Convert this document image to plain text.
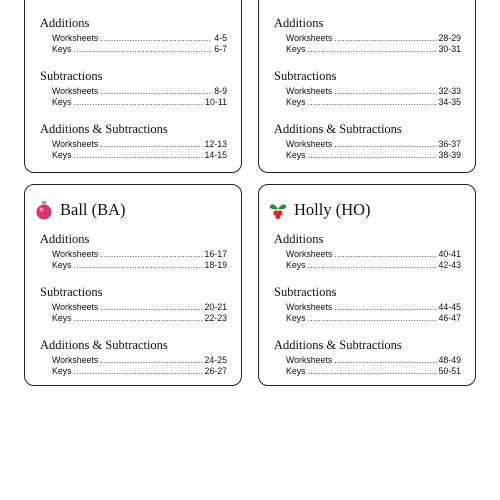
Additions
Worksheets .....	4-5
Keys .....	6-7
Subtractions
Worksheets .....	8-9
Keys .....	10-11
Additions & Subtractions
Worksheets .....	12-13
Keys .....	14-15
Additions
Worksheets .....	28-29
Keys .....	30-31
Subtractions
Worksheets .....	32-33
Keys .....	34-35
Additions & Subtractions
Worksheets .....	36-37
Keys .....	38-39
Ball (BA)
Additions
Worksheets .....	16-17
Keys .....	18-19
Subtractions
Worksheets .....	20-21
Keys .....	22-23
Additions & Subtractions
Worksheets .....	24-25
Keys .....	26-27
Holly (HO)
Additions
Worksheets .....	40-41
Keys .....	42-43
Subtractions
Worksheets .....	44-45
Keys .....	46-47
Additions & Subtractions
Worksheets .....	48-49
Keys .....	50-51
